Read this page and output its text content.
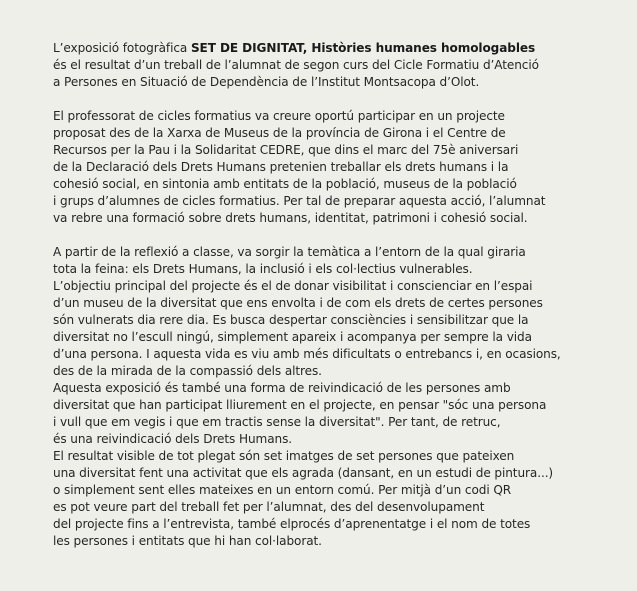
L’exposició fotogràfica SET DE DIGNITAT, Històries humanes homologables
és el resultat d’un treball de l’alumnat de segon curs del Cicle Formatiu d’Atenció
a Persones en Situació de Dependència de l’Institut Montsacopa d’Olot.
El professorat de cicles formatius va creure oportú participar en un projecte
proposat des de la Xarxa de Museus de la província de Girona i el Centre de
Recursos per la Pau i la Solidaritat CEDRE, que dins el marc del 75è aniversari
de la Declaració dels Drets Humans pretenien treballar els drets humans i la
cohesió social, en sintonia amb entitats de la població, museus de la població
i grups d’alumnes de cicles formatius. Per tal de preparar aquesta acció, l’alumnat
va rebre una formació sobre drets humans, identitat, patrimoni i cohesió social.
A partir de la reflexió a classe, va sorgir la temàtica a l’entorn de la qual giraria
tota la feina: els Drets Humans, la inclusió i els col·lectius vulnerables.
L’objectiu principal del projecte és el de donar visibilitat i conscienciar en l’espai
d’un museu de la diversitat que ens envolta i de com els drets de certes persones
són vulnerats dia rere dia. Es busca despertar consciències i sensibilitzar que la
diversitat no l’escull ningú, simplement apareix i acompanya per sempre la vida
d’una persona. I aquesta vida es viu amb més dificultats o entrebancs i, en ocasions,
des de la mirada de la compassió dels altres.
Aquesta exposició és també una forma de reivindicació de les persones amb
diversitat que han participat lliurement en el projecte, en pensar "sóc una persona
i vull que em vegis i que em tractis sense la diversitat". Per tant, de retruc,
és una reivindicació dels Drets Humans.
El resultat visible de tot plegat són set imatges de set persones que pateixen
una diversitat fent una activitat que els agrada (dansant, en un estudi de pintura...)
o simplement sent elles mateixes en un entorn comú. Per mitjà d’un codi QR
es pot veure part del treball fet per l’alumnat, des del desenvolupament
del projecte fins a l’entrevista, també elprocés d’aprenentatge i el nom de totes
les persones i entitats que hi han col·laborat.
